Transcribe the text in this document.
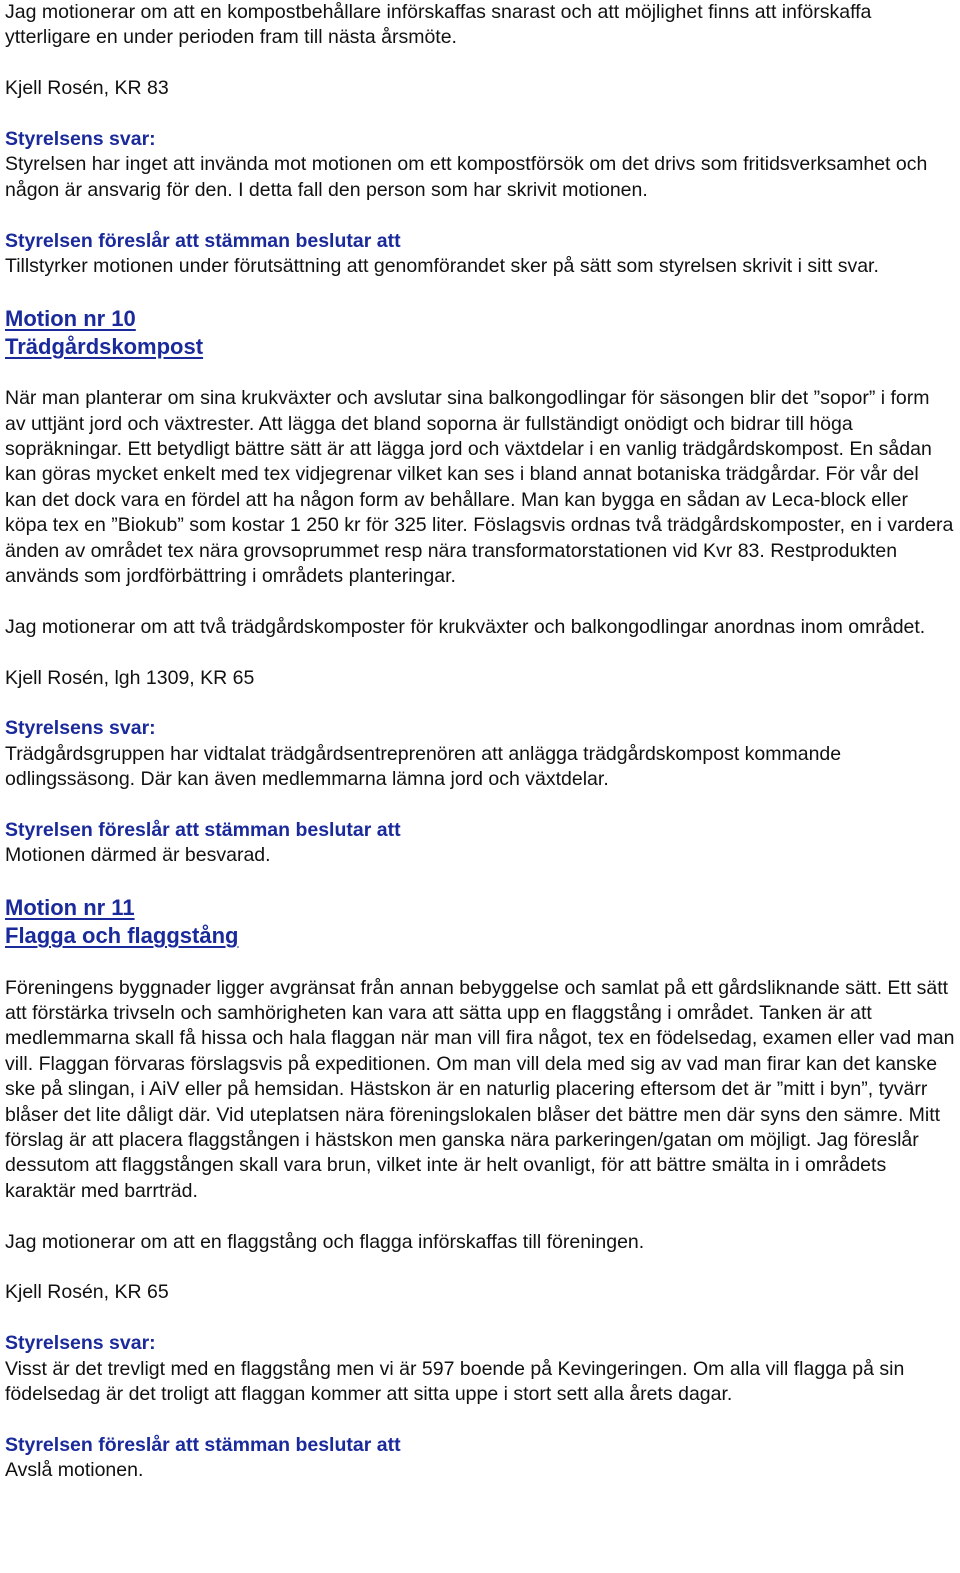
Jag motionerar om att en kompostbehållare införskaffas snarast och att möjlighet finns att införskaffa ytterligare en under perioden fram till nästa årsmöte.

Kjell Rosén, KR 83

Styrelsens svar:

Styrelsen har inget att invända mot motionen om ett kompostförsök om det drivs som fritidsverksamhet och någon är ansvarig för den. I detta fall den person som har skrivit motionen.

Styrelsen föreslår att stämman beslutar att

Tillstyrker motionen under förutsättning att genomförandet sker på sätt som styrelsen skrivit i sitt svar.

Motion nr 10

Trädgårdskompost

När man planterar om sina krukväxter och avslutar sina balkongodlingar för säsongen blir det ”sopor” i form av uttjänt jord och växtrester. Att lägga det bland soporna är fullständigt onödigt och bidrar till höga sopräkningar. Ett betydligt bättre sätt är att lägga jord och växtdelar i en vanlig trädgårdskompost. En sådan kan göras mycket enkelt med tex vidjegrenar vilket kan ses i bland annat botaniska trädgårdar. För vår del kan det dock vara en fördel att ha någon form av behållare. Man kan bygga en sådan av Leca-block eller köpa tex en ”Biokub” som kostar 1 250 kr för 325 liter. Föslagsvis ordnas två trädgårdskomposter, en i vardera änden av området tex nära grovsoprummet resp nära transformatorstationen vid Kvr 83. Restprodukten används som jordförbättring i områdets planteringar.

Jag motionerar om att två trädgårdskomposter för krukväxter och balkongodlingar anordnas inom området.

Kjell Rosén, lgh 1309, KR 65

Styrelsens svar:

Trädgårdsgruppen har vidtalat trädgårdsentreprenören att anlägga trädgårdskompost kommande odlingssäsong. Där kan även medlemmarna lämna jord och växtdelar.

Styrelsen föreslår att stämman beslutar att

Motionen därmed är besvarad.

Motion nr 11

Flagga och flaggstång

Föreningens byggnader ligger avgränsat från annan bebyggelse och samlat på ett gårdsliknande sätt. Ett sätt att förstärka trivseln och samhörigheten kan vara att sätta upp en flaggstång i området. Tanken är att medlemmarna skall få hissa och hala flaggan när man vill fira något, tex en födelsedag, examen eller vad man vill. Flaggan förvaras förslagsvis på expeditionen. Om man vill dela med sig av vad man firar kan det kanske ske på slingan, i AiV eller på hemsidan. Hästskon är en naturlig placering eftersom det är ”mitt i byn”, tyvärr blåser det lite dåligt där. Vid uteplatsen nära föreningslokalen blåser det bättre men där syns den sämre. Mitt förslag är att placera flaggstången i hästskon men ganska nära parkeringen/gatan om möjligt. Jag föreslår dessutom att flaggstången skall vara brun, vilket inte är helt ovanligt, för att bättre smälta in i områdets karaktär med barrträd.

Jag motionerar om att en flaggstång och flagga införskaffas till föreningen.

Kjell Rosén, KR 65

Styrelsens svar:

Visst är det trevligt med en flaggstång men vi är 597 boende på Kevingeringen. Om alla vill flagga på sin födelsedag är det troligt att flaggan kommer att sitta uppe i stort sett alla årets dagar.

Styrelsen föreslår att stämman beslutar att

Avslå motionen.
